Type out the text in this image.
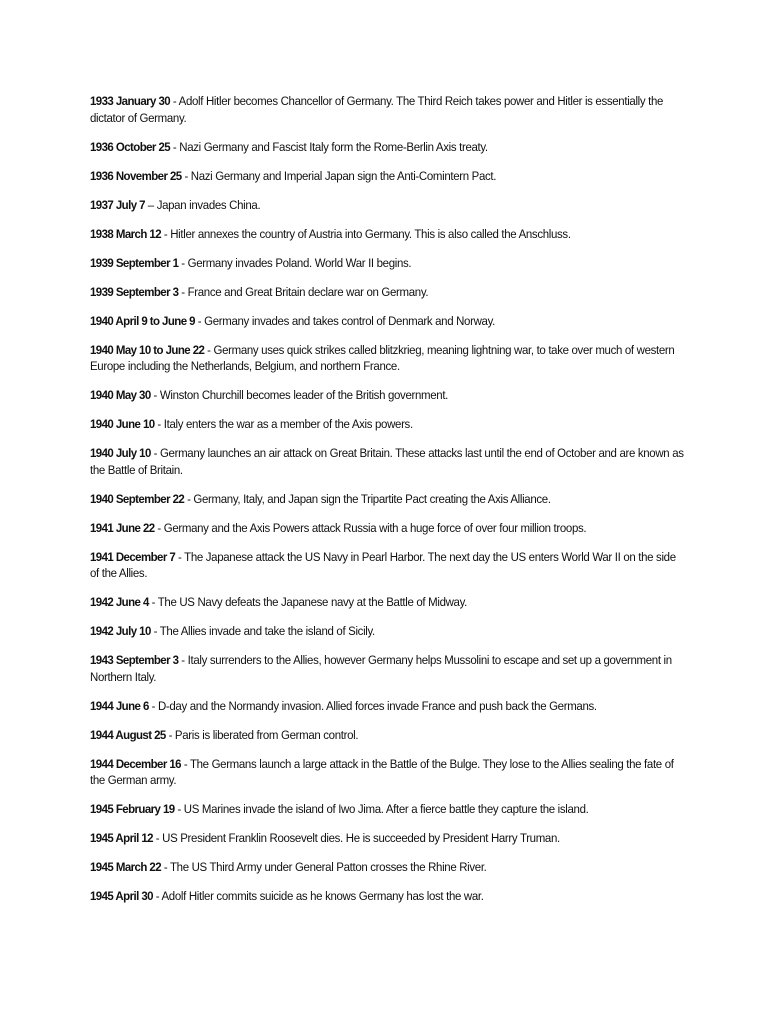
1933 January 30 - Adolf Hitler becomes Chancellor of Germany. The Third Reich takes power and Hitler is essentially the dictator of Germany.

1936 October 25 - Nazi Germany and Fascist Italy form the Rome-Berlin Axis treaty.

1936 November 25 - Nazi Germany and Imperial Japan sign the Anti-Comintern Pact.

1937 July 7 – Japan invades China.

1938 March 12 - Hitler annexes the country of Austria into Germany. This is also called the Anschluss.

1939 September 1 - Germany invades Poland. World War II begins.

1939 September 3 - France and Great Britain declare war on Germany.

1940 April 9 to June 9 - Germany invades and takes control of Denmark and Norway.

1940 May 10 to June 22 - Germany uses quick strikes called blitzkrieg, meaning lightning war, to take over much of western Europe including the Netherlands, Belgium, and northern France.

1940 May 30 - Winston Churchill becomes leader of the British government.

1940 June 10 - Italy enters the war as a member of the Axis powers.

1940 July 10 - Germany launches an air attack on Great Britain. These attacks last until the end of October and are known as the Battle of Britain.

1940 September 22 - Germany, Italy, and Japan sign the Tripartite Pact creating the Axis Alliance.

1941 June 22 - Germany and the Axis Powers attack Russia with a huge force of over four million troops.

1941 December 7 - The Japanese attack the US Navy in Pearl Harbor. The next day the US enters World War II on the side of the Allies.

1942 June 4 - The US Navy defeats the Japanese navy at the Battle of Midway.

1942 July 10 - The Allies invade and take the island of Sicily.

1943 September 3 - Italy surrenders to the Allies, however Germany helps Mussolini to escape and set up a government in Northern Italy.

1944 June 6 - D-day and the Normandy invasion. Allied forces invade France and push back the Germans.

1944 August 25 - Paris is liberated from German control.

1944 December 16 - The Germans launch a large attack in the Battle of the Bulge. They lose to the Allies sealing the fate of the German army.

1945 February 19 - US Marines invade the island of Iwo Jima. After a fierce battle they capture the island.

1945 April 12 - US President Franklin Roosevelt dies. He is succeeded by President Harry Truman.

1945 March 22 - The US Third Army under General Patton crosses the Rhine River.

1945 April 30 - Adolf Hitler commits suicide as he knows Germany has lost the war.
